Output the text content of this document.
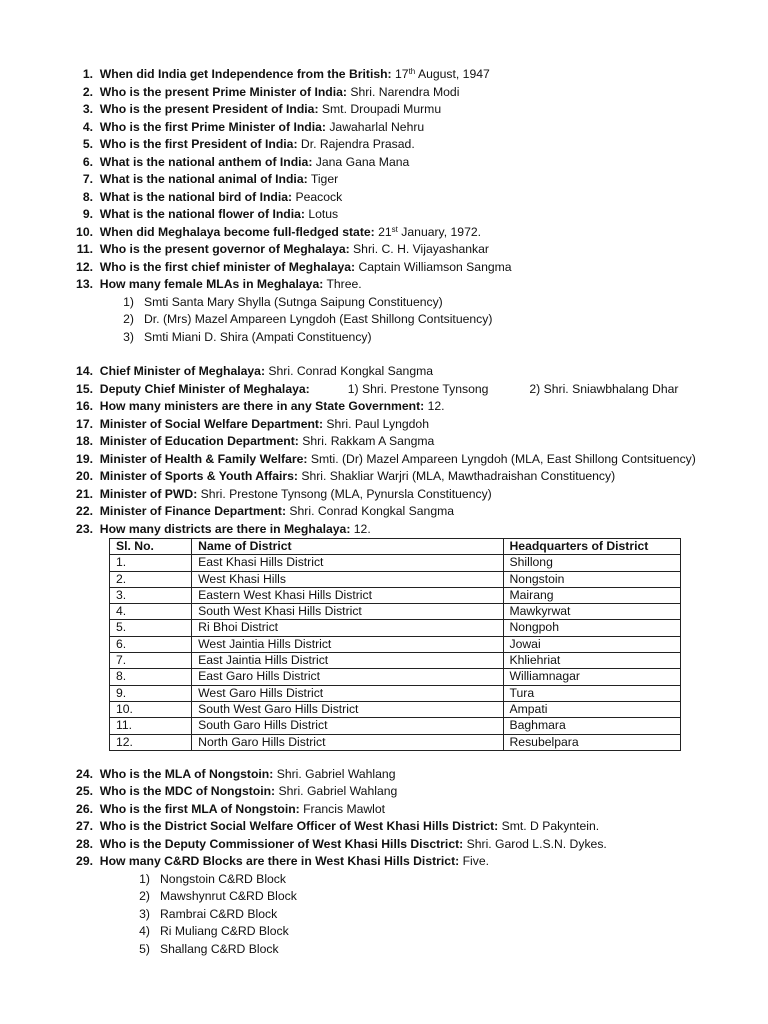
1. When did India get Independence from the British: 17th August, 1947
2. Who is the present Prime Minister of India: Shri. Narendra Modi
3. Who is the present President of India: Smt. Droupadi Murmu
4. Who is the first Prime Minister of India: Jawaharlal Nehru
5. Who is the first President of India: Dr. Rajendra Prasad.
6. What is the national anthem of India: Jana Gana Mana
7. What is the national animal of India: Tiger
8. What is the national bird of India: Peacock
9. What is the national flower of India: Lotus
10. When did Meghalaya become full-fledged state: 21st January, 1972.
11. Who is the present governor of Meghalaya: Shri. C. H. Vijayashankar
12. Who is the first chief minister of Meghalaya: Captain Williamson Sangma
13. How many female MLAs in Meghalaya: Three.
1) Smti Santa Mary Shylla (Sutnga Saipung Constituency)
2) Dr. (Mrs) Mazel Ampareen Lyngdoh (East Shillong Contsituency)
3) Smti Miani D. Shira (Ampati Constituency)
14. Chief Minister of Meghalaya: Shri. Conrad Kongkal Sangma
15. Deputy Chief Minister of Meghalaya:	1) Shri. Prestone Tynsong	2) Shri. Sniawbhalang Dhar
16. How many ministers are there in any State Government: 12.
17. Minister of Social Welfare Department: Shri. Paul Lyngdoh
18. Minister of Education Department: Shri. Rakkam A Sangma
19. Minister of Health & Family Welfare: Smti. (Dr) Mazel Ampareen Lyngdoh (MLA, East Shillong Contsituency)
20. Minister of Sports & Youth Affairs: Shri. Shakliar Warjri (MLA, Mawthadraishan Constituency)
21. Minister of PWD: Shri. Prestone Tynsong (MLA, Pynursla Constituency)
22. Minister of Finance Department: Shri. Conrad Kongkal Sangma
23. How many districts are there in Meghalaya: 12.
Sl. No.	Name of District	Headquarters of District
1.	East Khasi Hills District	Shillong
2.	West Khasi Hills	Nongstoin
3.	Eastern West Khasi Hills District	Mairang
4.	South West Khasi Hills District	Mawkyrwat
5.	Ri Bhoi District	Nongpoh
6.	West Jaintia Hills District	Jowai
7.	East Jaintia Hills District	Khliehriat
8.	East Garo Hills District	Williamnagar
9.	West Garo Hills District	Tura
10.	South West Garo Hills District	Ampati
11.	South Garo Hills District	Baghmara
12.	North Garo Hills District	Resubelpara
24. Who is the MLA of Nongstoin: Shri. Gabriel Wahlang
25. Who is the MDC of Nongstoin: Shri. Gabriel Wahlang
26. Who is the first MLA of Nongstoin: Francis Mawlot
27. Who is the District Social Welfare Officer of West Khasi Hills District: Smt. D Pakyntein.
28. Who is the Deputy Commissioner of West Khasi Hills Disctrict: Shri. Garod L.S.N. Dykes.
29. How many C&RD Blocks are there in West Khasi Hills District: Five.
1) Nongstoin C&RD Block
2) Mawshynrut C&RD Block
3) Rambrai C&RD Block
4) Ri Muliang C&RD Block
5) Shallang C&RD Block
